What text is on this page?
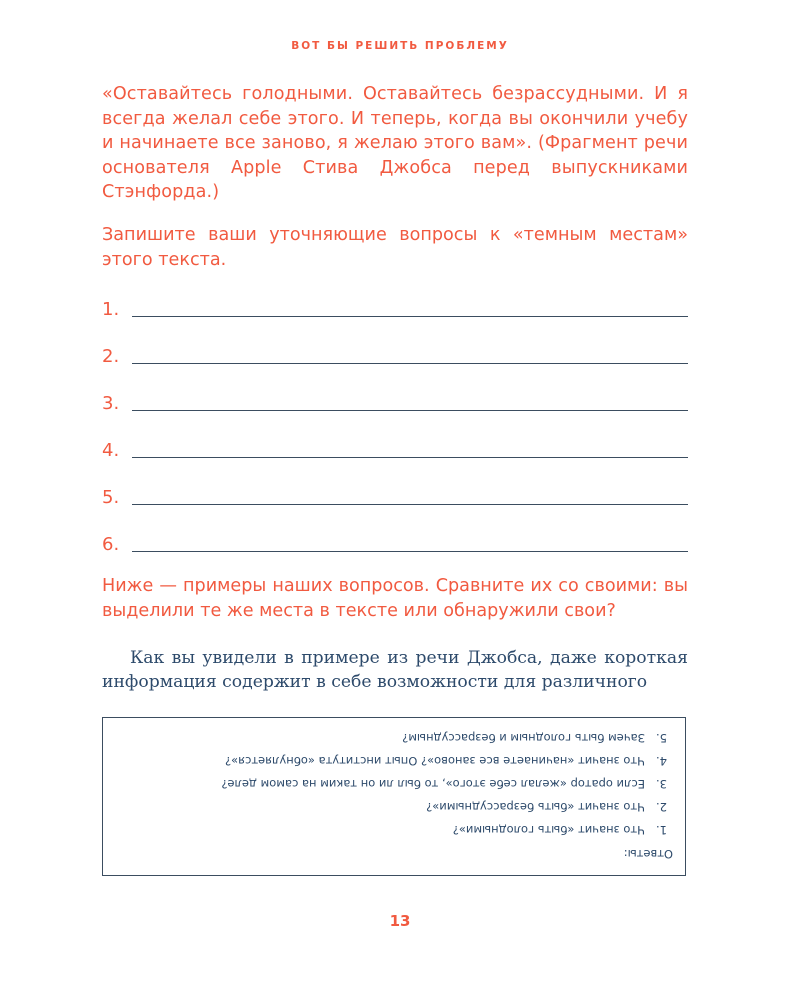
ВОТ БЫ РЕШИТЬ ПРОБЛЕМУ
«Оставайтесь голодными. Оставайтесь безрассудными. И я всегда желал себе этого. И теперь, когда вы окончили учебу и начинаете все заново, я желаю этого вам». (Фрагмент речи основателя Apple Стива Джобса перед выпускниками Стэнфорда.)
Запишите ваши уточняющие вопросы к «темным местам» этого текста.
1.
2.
3.
4.
5.
6.
Ниже — примеры наших вопросов. Сравните их со своими: вы выделили те же места в тексте или обнаружили свои?
Как вы увидели в примере из речи Джобса, даже короткая информация содержит в себе возможности для различного
Ответы:
1.
Что значит «быть голодными»?
2.
Что значит «быть безрассудными»?
3.
Если оратор «желал себе этого», то был ли он таким на самом деле?
4.
Что значит «начинаете все заново»? Опыт института «обнуляется»?
5.
Зачем быть голодным и безрассудным?
13
